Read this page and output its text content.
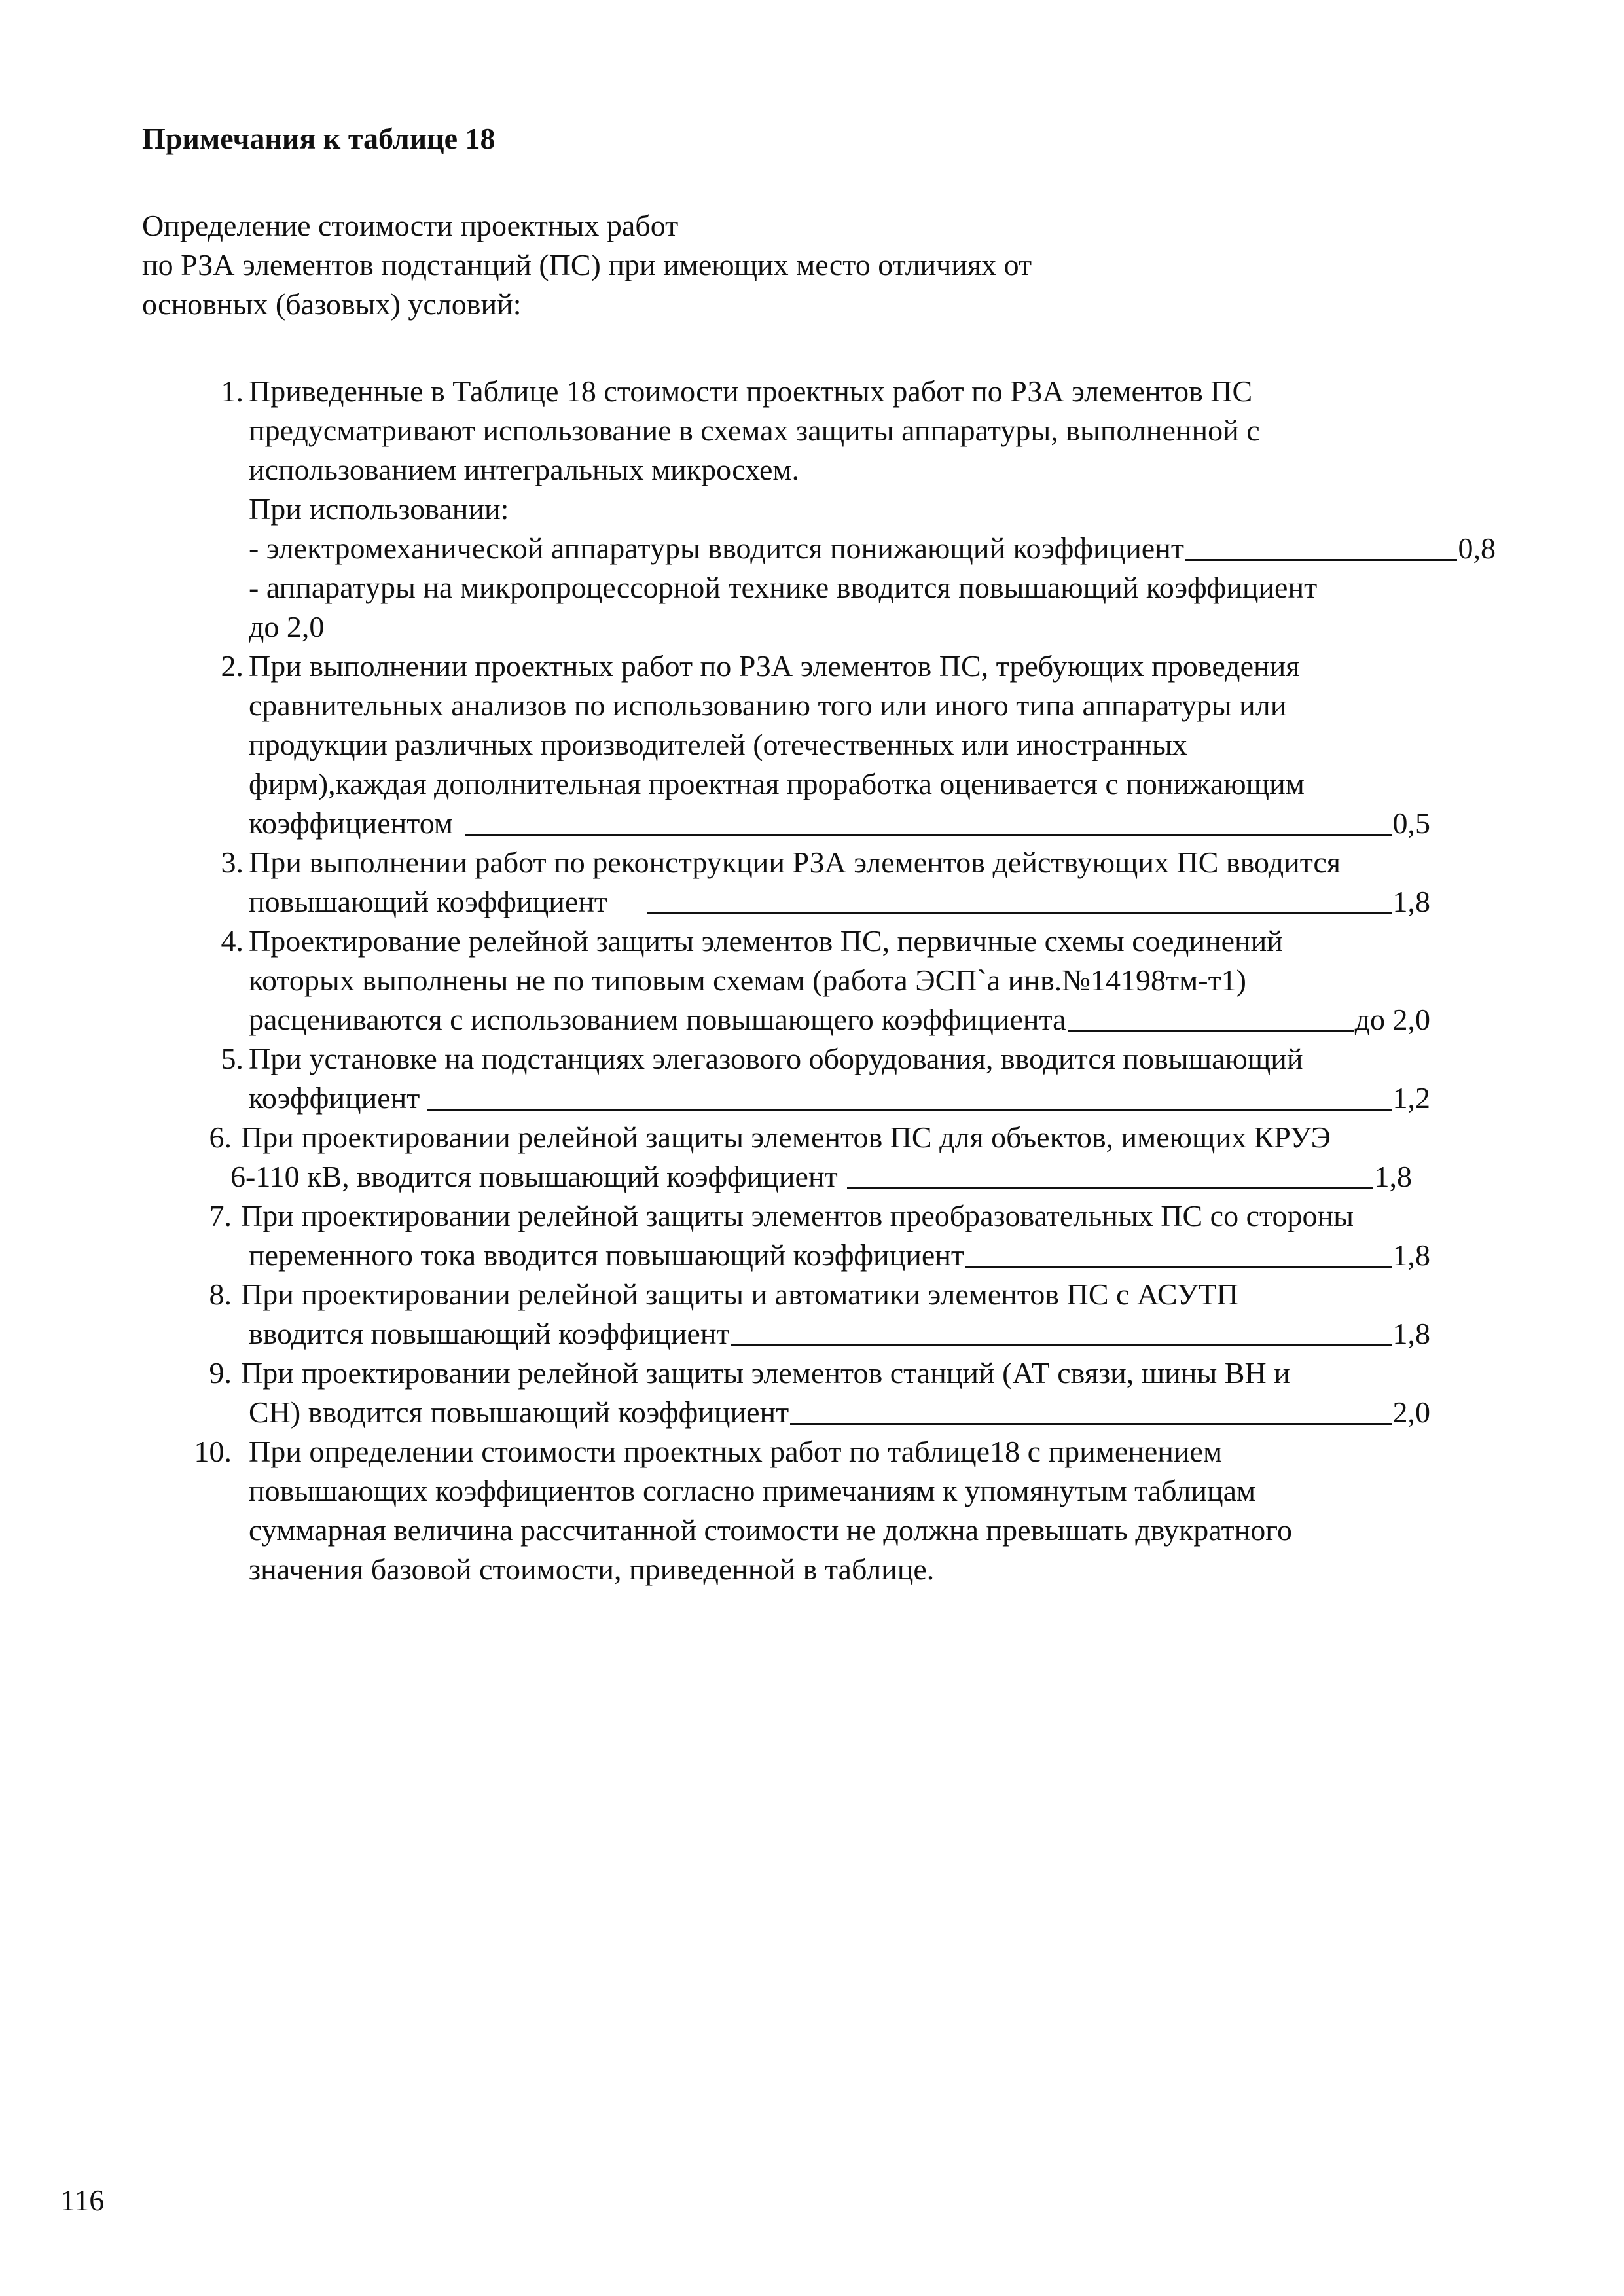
Примечания к таблице 18
Определение стоимости проектных работ
по РЗА элементов подстанций (ПС) при имеющих место отличиях от
основных (базовых) условий:
1. Приведенные в Таблице 18 стоимости проектных работ по РЗА элементов ПС
предусматривают использование в схемах защиты аппаратуры, выполненной с
использованием интегральных микросхем.
При использовании:
- электромеханической аппаратуры вводится понижающий коэффициент	0,8
- аппаратуры на микропроцессорной технике вводится повышающий коэффициент
до 2,0
2. При выполнении проектных работ по РЗА элементов ПС, требующих проведения
сравнительных анализов по использованию того или иного типа аппаратуры или
продукции различных производителей (отечественных или иностранных
фирм),каждая дополнительная проектная проработка оценивается с понижающим
коэффициентом	0,5
3. При выполнении работ по реконструкции РЗА элементов действующих ПС вводится
повышающий коэффициент	1,8
4. Проектирование релейной защиты элементов ПС, первичные схемы соединений
которых выполнены не по типовым схемам (работа ЭСП`а инв.№14198тм-т1)
расцениваются с использованием повышающего коэффициента	до 2,0
5. При установке на подстанциях элегазового оборудования, вводится повышающий
коэффициент	1,2
6. При проектировании релейной защиты элементов ПС для объектов, имеющих КРУЭ
6-110 кВ, вводится повышающий коэффициент	1,8
7. При проектировании релейной защиты элементов преобразовательных ПС со стороны
переменного тока вводится повышающий коэффициент	1,8
8. При проектировании релейной защиты и автоматики элементов ПС с АСУТП
вводится повышающий коэффициент	1,8
9. При проектировании релейной защиты элементов станций (АТ связи, шины ВН и
СН) вводится повышающий коэффициент	2,0
10. При определении стоимости проектных работ по таблице18 с применением
повышающих коэффициентов согласно примечаниям к упомянутым таблицам
суммарная величина рассчитанной стоимости не должна превышать двукратного
значения базовой стоимости, приведенной в таблице.
116
